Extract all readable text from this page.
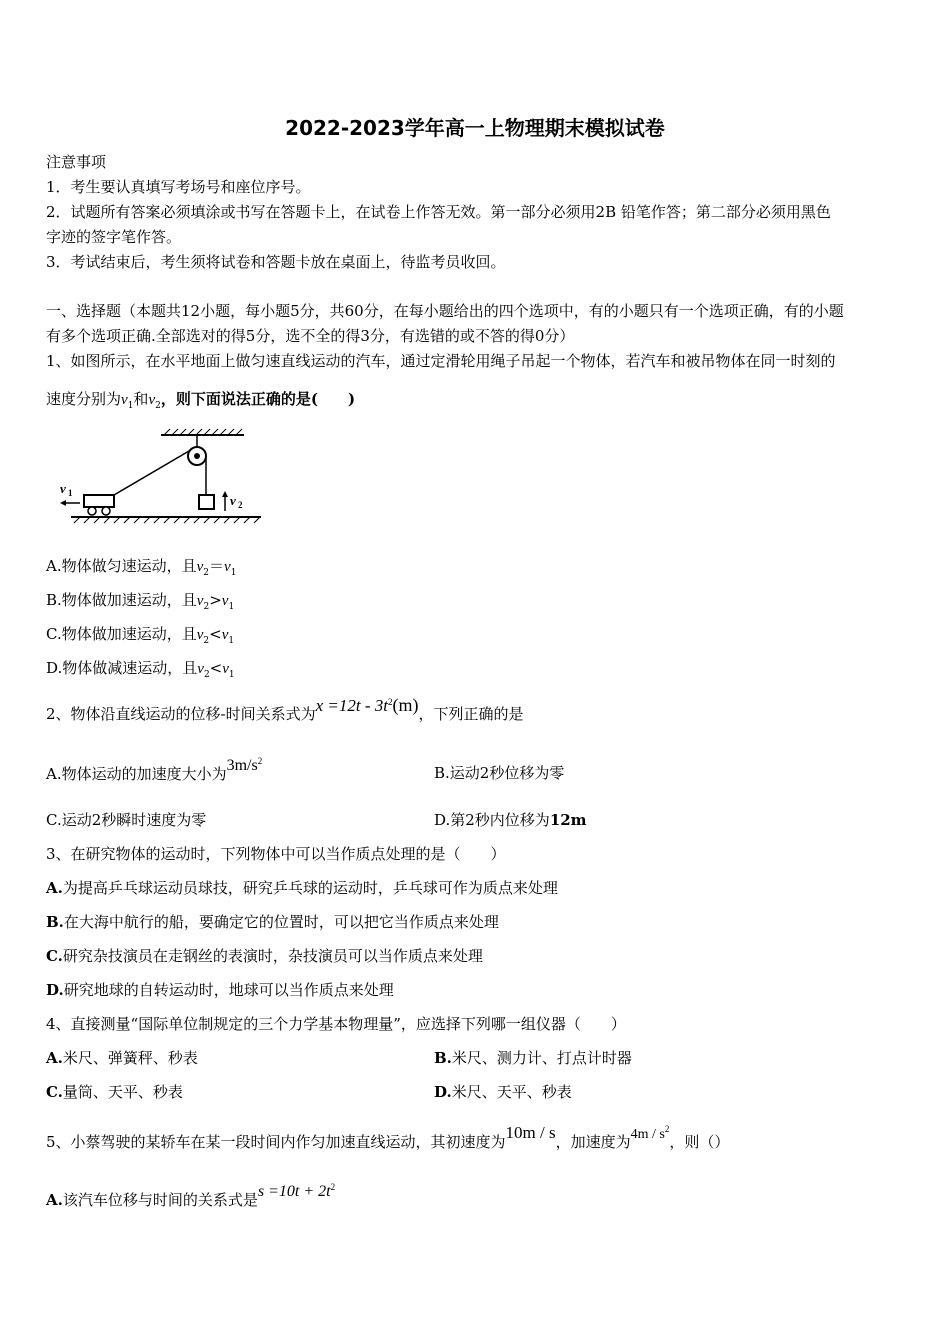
2022-2023学年高一上物理期末模拟试卷
注意事项
1．考生要认真填写考场号和座位序号。
2．试题所有答案必须填涂或书写在答题卡上，在试卷上作答无效。第一部分必须用2B 铅笔作答；第二部分必须用黑色
字迹的签字笔作答。
3．考试结束后，考生须将试卷和答题卡放在桌面上，待监考员收回。
一、选择题（本题共12小题，每小题5分，共60分，在每小题给出的四个选项中，有的小题只有一个选项正确，有的小题
有多个选项正确.全部选对的得5分，选不全的得3分，有选错的或不答的得0分）
1、如图所示，在水平地面上做匀速直线运动的汽车，通过定滑轮用绳子吊起一个物体，若汽车和被吊物体在同一时刻的
速度分别为$v_1$和$v_2$，则下面说法正确的是(　　)
v 2
v 1
A.物体做匀速运动，且$v_2=v_1$
B.物体做加速运动，且$v_2>v_1$
C.物体做加速运动，且$v_2<v_1$
D.物体做减速运动，且$v_2<v_1$
2、物体沿直线运动的位移-时间关系式为$x =12t - 3t^2(m)$，下列正确的是
A.物体运动的加速度大小为$3m/s^2$
B.运动2秒位移为零
C.运动2秒瞬时速度为零	D.第2秒内位移为12m
3、在研究物体的运动时，下列物体中可以当作质点处理的是（　　）
A.为提高乒乓球运动员球技，研究乒乓球的运动时，乒乓球可作为质点来处理
B.在大海中航行的船，要确定它的位置时，可以把它当作质点来处理
C.研究杂技演员在走钢丝的表演时，杂技演员可以当作质点来处理
D.研究地球的自转运动时，地球可以当作质点来处理
4、直接测量“国际单位制规定的三个力学基本物理量”，应选择下列哪一组仪器（　　）
A.米尺、弹簧秤、秒表	B.米尺、测力计、打点计时器
C.量筒、天平、秒表	D.米尺、天平、秒表
5、小蔡驾驶的某轿车在某一段时间内作匀加速直线运动，其初速度为10m / s，加速度为$4m / s^2$，则（）
A.该汽车位移与时间的关系式是$s =10t + 2t^2$
